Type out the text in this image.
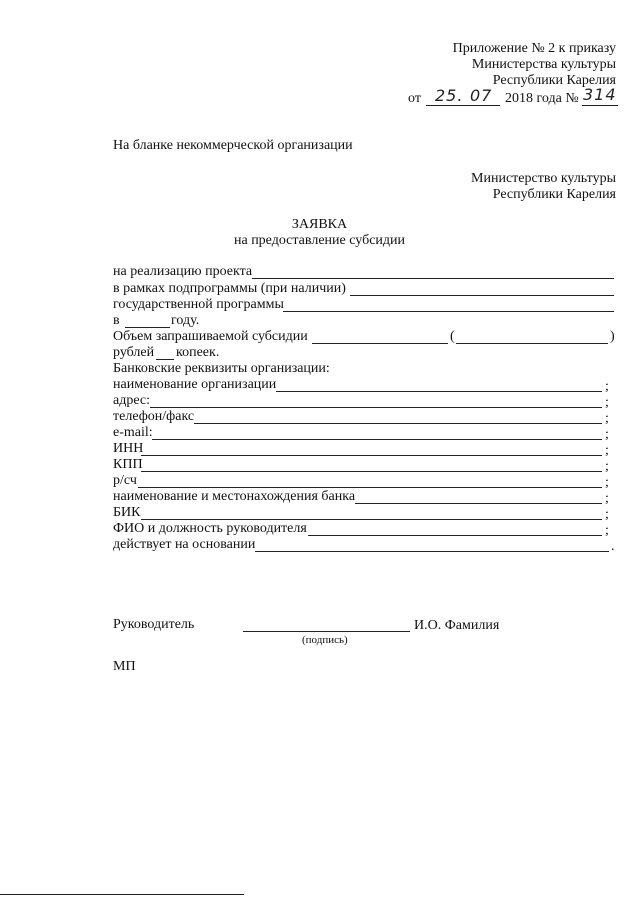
Приложение № 2 к приказу
Министерства культуры
Республики Карелия
от 25. 07 2018 года № 314
На бланке некоммерческой организации
Министерство культуры
Республики Карелия
ЗАЯВКА
на предоставление субсидии
на реализацию проекта
в рамках подпрограммы (при наличии)
государственной программы
в	году.
Объем запрашиваемой субсидии	(	)
рублей копеек.
Банковские реквизиты организации:
наименование организации	;
адрес:	;
телефон/факс	;
e-mail:	;
ИНН	;
КПП	;
р/сч	;
наименование и местонахождения банка	;
БИК	;
ФИО и должность руководителя	;
действует на основании	.
Руководитель	И.О. Фамилия
(подпись)
МП
